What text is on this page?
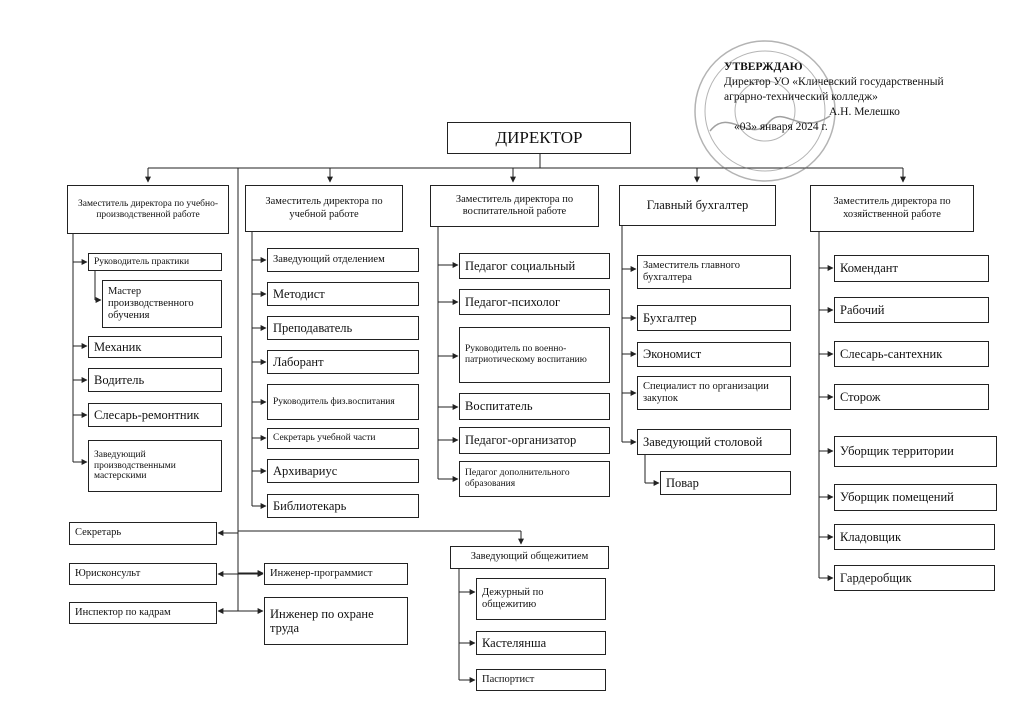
УТВЕРЖДАЮ
Директор УО «Кличевский государственный
аграрно-технический колледж»
А.Н. Мелешко
«03» января 2024 г.
ДИРЕКТОР
Заместитель директора по учебно-производственной работе
Руководитель практики
Мастер производственного обучения
Механик
Водитель
Слесарь-ремонтник
Заведующий производственными мастерскими
Заместитель директора по учебной работе
Заведующий отделением
Методист
Преподаватель
Лаборант
Руководитель физ.воспитания
Секретарь учебной части
Архивариус
Библиотекарь
Заместитель директора по воспитательной работе
Педагог социальный
Педагог-психолог
Руководитель по военно-патриотическому воспитанию
Воспитатель
Педагог-организатор
Педагог дополнительного образования
Главный бухгалтер
Заместитель главного бухгалтера
Бухгалтер
Экономист
Специалист по организации закупок
Заведующий столовой
Повар
Заместитель директора по хозяйственной работе
Комендант
Рабочий
Слесарь-сантехник
Сторож
Уборщик территории
Уборщик помещений
Кладовщик
Гардеробщик
Секретарь
Юрисконсульт
Инспектор по кадрам
Инженер-программист
Инженер по охране труда
Заведующий общежитием
Дежурный по общежитию
Кастелянша
Паспортист
